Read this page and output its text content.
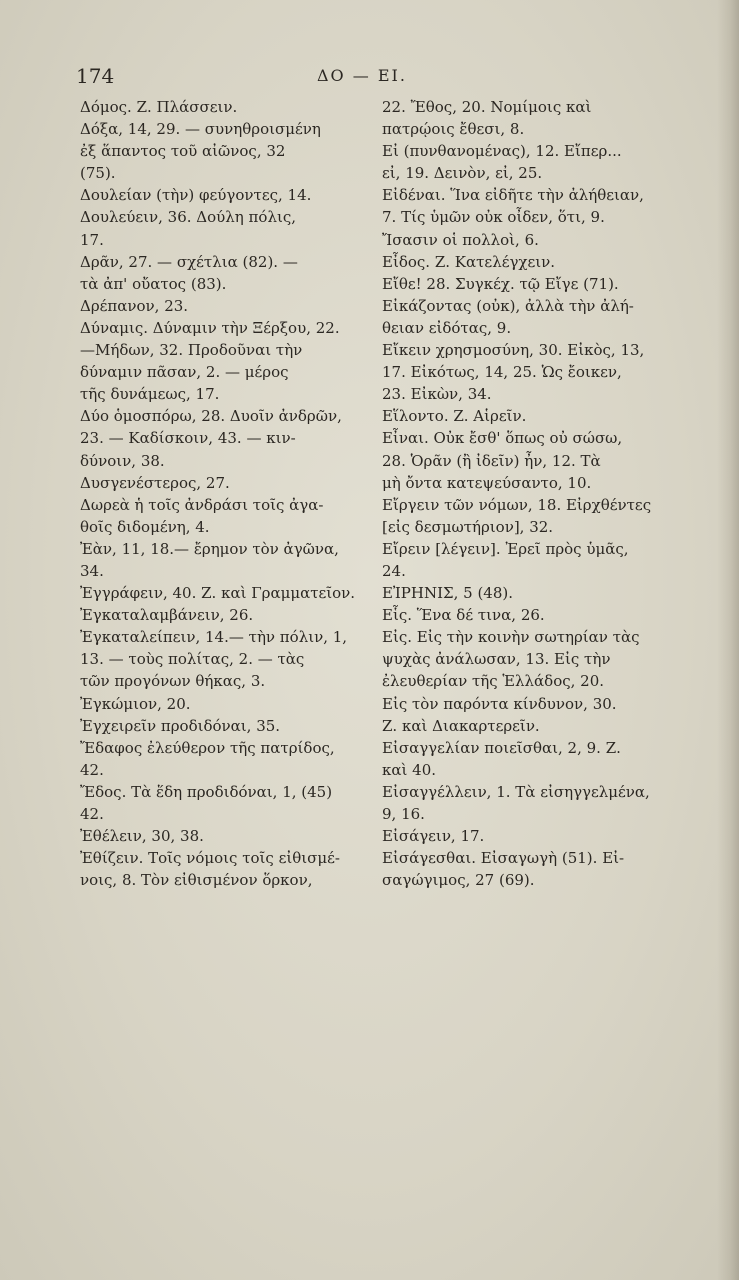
174	ΔΟ — ΕΙ.

Δόμος. Ζ. Πλάσσειν.

Δόξα, 14, 29. — συνηθροισμένη
ἐξ ἅπαντος τοῦ αἰῶνος, 32
(75).

Δουλείαν (τὴν) φεύγοντες, 14.

Δουλεύειν, 36. Δούλη πόλις,
17.

Δρᾶν, 27. — σχέτλια (82). —
τὰ ἀπ' οὔατος (83).

Δρέπανον, 23.

Δύναμις. Δύναμιν τὴν Ξέρξου, 22.
—Μήδων, 32. Προδοῦναι τὴν
δύναμιν πᾶσαν, 2. — μέρος
τῆς δυνάμεως, 17.

Δύο ὁμοσπόρω, 28. Δυοῖν ἀνδρῶν,
23. — Καδίσκοιν, 43. — κιν-
δύνοιν, 38.

Δυσγενέστερος, 27.

Δωρεὰ ἡ τοῖς ἀνδράσι τοῖς ἀγα-
θοῖς διδομένη, 4.

Ἐὰν, 11, 18.— ἔρημον τὸν ἀγῶνα,
34.

Ἐγγράφειν, 40. Ζ. καὶ Γραμματεῖον.

Ἐγκαταλαμβάνειν, 26.

Ἐγκαταλείπειν, 14.— τὴν πόλιν, 1,
13. — τοὺς πολίτας, 2. — τὰς
τῶν προγόνων θήκας, 3.

Ἐγκώμιον, 20.

Ἐγχειρεῖν προδιδόναι, 35.

Ἔδαφος ἐλεύθερον τῆς πατρίδος,
42.

Ἔδος. Τὰ ἕδη προδιδόναι, 1, (45)
42.

Ἐθέλειν, 30, 38.

Ἐθίζειν. Τοῖς νόμοις τοῖς εἰθισμέ-
νοις, 8. Τὸν εἰθισμένον ὅρκον,

22. Ἔθος, 20. Νομίμοις καὶ
πατρῴοις ἔθεσι, 8.

Εἰ (πυνθανομένας), 12. Εἴπερ...
εἰ, 19. Δεινὸν, εἰ, 25.

Εἰδέναι. Ἵνα εἰδῆτε τὴν ἀλήθειαν,
7. Τίς ὑμῶν οὐκ οἶδεν, ὅτι, 9.
Ἴσασιν οἱ πολλοὶ, 6.

Εἶδος. Ζ. Κατελέγχειν.

Εἴθε! 28. Συγκέχ. τῷ Εἴγε (71).

Εἰκάζοντας (οὐκ), ἀλλὰ τὴν ἀλή-
θειαν εἰδότας, 9.

Εἴκειν χρησμοσύνη, 30. Εἰκὸς, 13,
17. Εἰκότως, 14, 25. Ὡς ἔοικεν,
23. Εἰκὼν, 34.

Εἵλοντο. Ζ. Αἱρεῖν.

Εἶναι. Οὐκ ἔσθ' ὅπως οὐ σώσω,
28. Ὁρᾶν (ἢ ἰδεῖν) ἦν, 12. Τὰ
μὴ ὄντα κατεψεύσαντο, 10.

Εἴργειν τῶν νόμων, 18. Εἰρχθέντες
[εἰς δεσμωτήριον], 32.

Εἴρειν [λέγειν]. Ἐρεῖ πρὸς ὑμᾶς,
24.

ΕἸΡΗΝΙΣ, 5 (48).

Εἷς. Ἕνα δέ τινα, 26.

Εἰς. Εἰς τὴν κοινὴν σωτηρίαν τὰς
ψυχὰς ἀνάλωσαν, 13. Εἰς τὴν
ἐλευθερίαν τῆς Ἑλλάδος, 20.
Εἰς τὸν παρόντα κίνδυνον, 30.
Ζ. καὶ Διακαρτερεῖν.

Εἰσαγγελίαν ποιεῖσθαι, 2, 9. Ζ.
καὶ 40.

Εἰσαγγέλλειν, 1. Τὰ εἰσηγγελμένα,
9, 16.

Εἰσάγειν, 17.

Εἰσάγεσθαι. Εἰσαγωγὴ (51). Εἰ-
σαγώγιμος, 27 (69).
